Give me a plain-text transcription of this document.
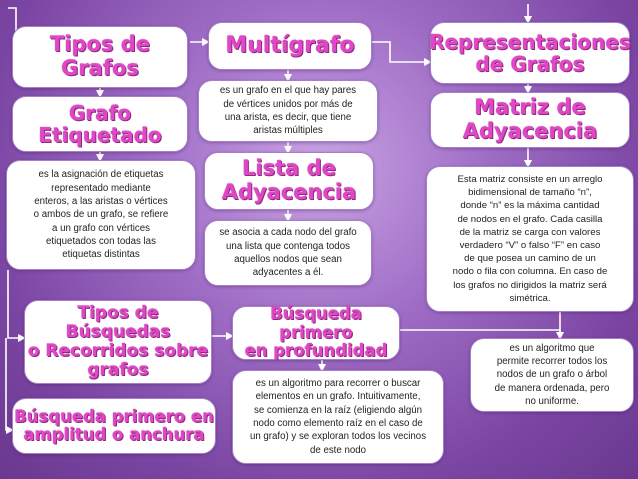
Tipos de
Grafos
Multígrafo	Representaciones
de Grafos
es un grafo en el que hay pares
de vértices unidos por más de
una arista, es decir, que tiene
aristas múltiples
Grafo
Etiquetado
Matriz de
Adyacencia
Lista de
Adyacencia
es la asignación de etiquetas
representado mediante
enteros, a las aristas o vértices
o ambos de un grafo, se refiere
a un grafo con vértices
etiquetados con todas las
etiquetas distintas
se asocia a cada nodo del grafo
una lista que contenga todos
aquellos nodos que sean
adyacentes a él.
Esta matriz consiste en un arreglo
bidimensional de tamaño “n”,
donde “n” es la máxima cantidad
de nodos en el grafo. Cada casilla
de la matriz se carga con valores
verdadero “V” o falso “F” en caso
de que posea un camino de un
nodo o fila con columna. En caso de
los grafos no dirigidos la matriz será
simétrica.
Tipos de Búsquedas
o Recorridos sobre
grafos
Búsqueda primero
en profundidad	es un algoritmo que
permite recorrer todos los
nodos de un grafo o árbol
de manera ordenada, pero
no uniforme.
es un algoritmo para recorrer o buscar
elementos en un grafo. Intuitivamente,
se comienza en la raíz (eligiendo algún
nodo como elemento raíz en el caso de
un grafo) y se exploran todos los vecinos
de este nodo
Búsqueda primero en
amplitud o anchura
